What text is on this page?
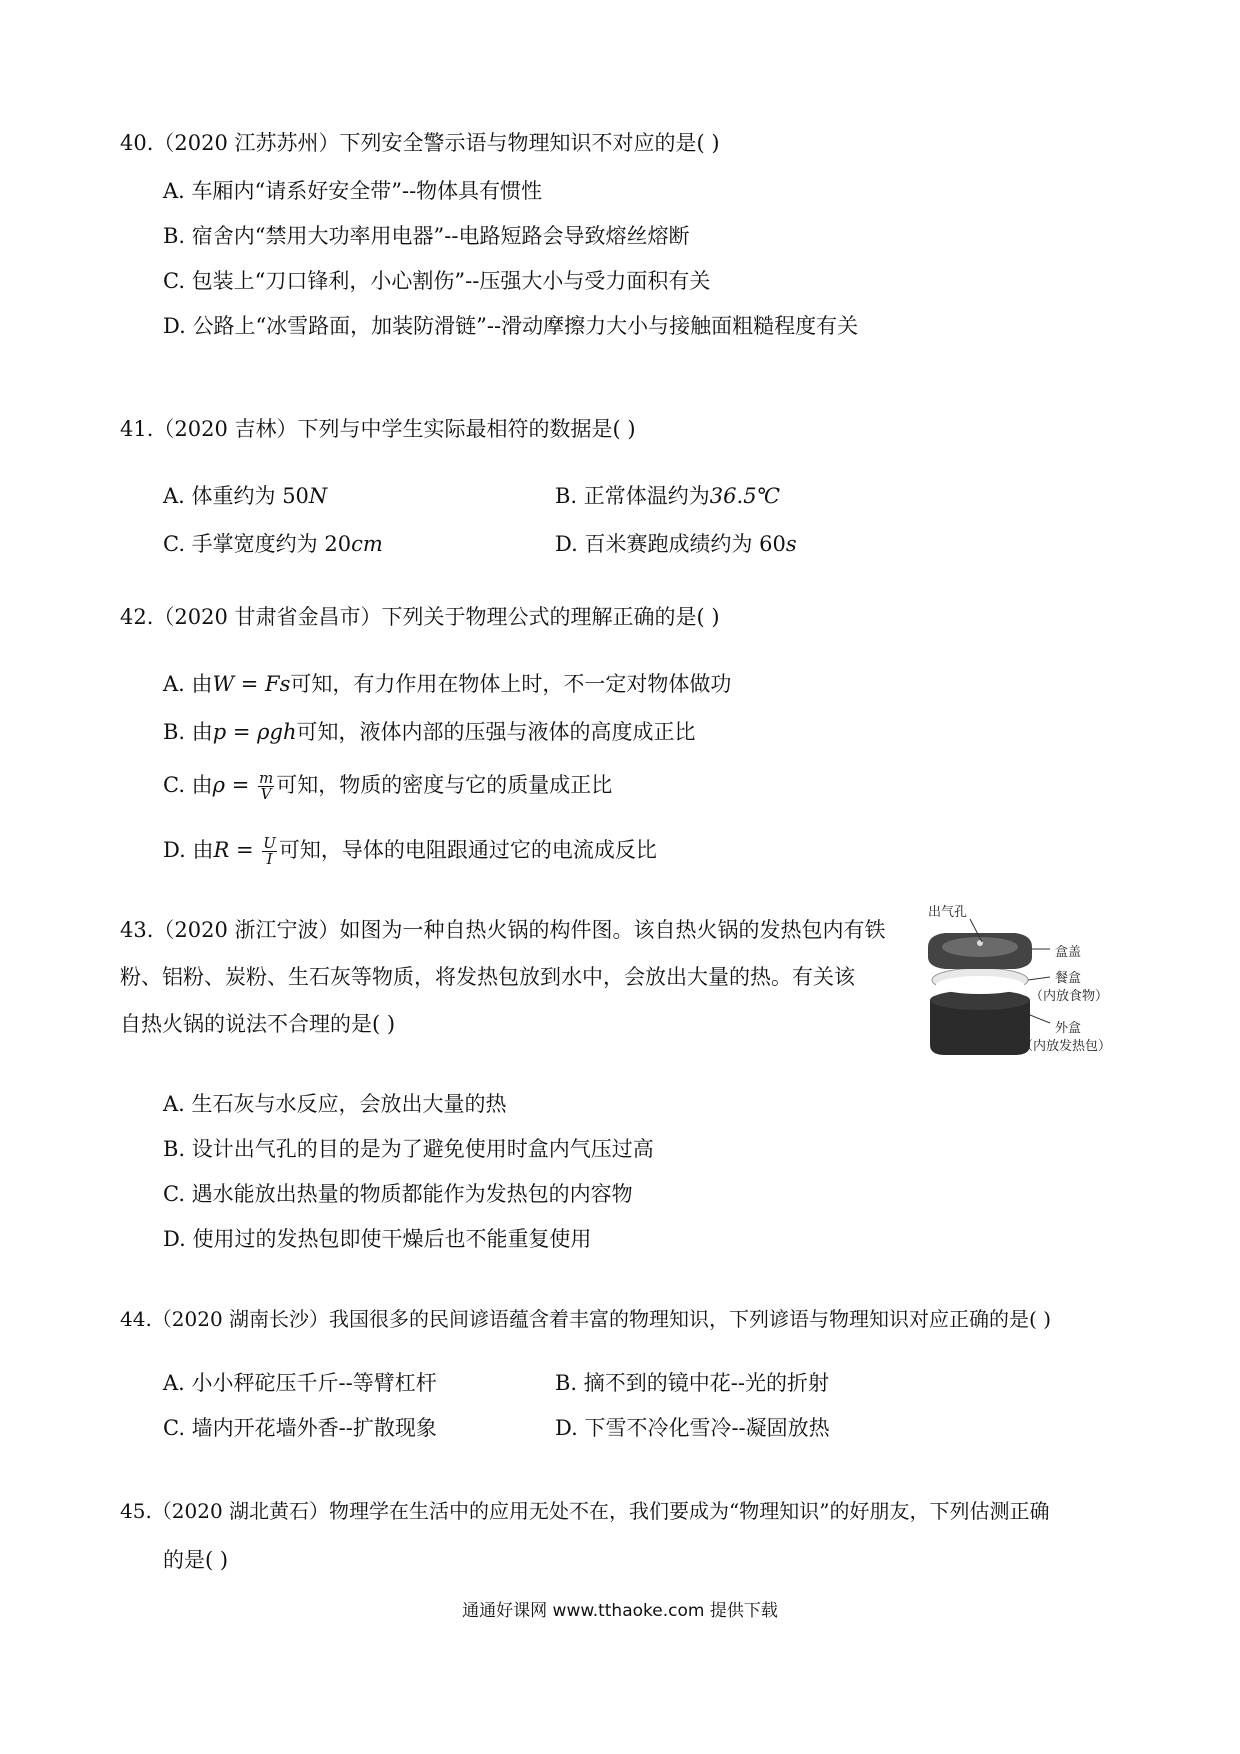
40.（2020 江苏苏州）下列安全警示语与物理知识不对应的是( )
A. 车厢内“请系好安全带”--物体具有惯性
B. 宿舍内“禁用大功率用电器”--电路短路会导致熔丝熔断
C. 包装上“刀口锋利，小心割伤”--压强大小与受力面积有关
D. 公路上“冰雪路面，加装防滑链”--滑动摩擦力大小与接触面粗糙程度有关
41.（2020 吉林）下列与中学生实际最相符的数据是( )
A. 体重约为 50N	B. 正常体温约为36.5℃
C. 手掌宽度约为 20cm	D. 百米赛跑成绩约为 60s
42.（2020 甘肃省金昌市）下列关于物理公式的理解正确的是( )
A. 由W = Fs可知，有力作用在物体上时，不一定对物体做功
B. 由p = ρgh可知，液体内部的压强与液体的高度成正比
C. 由$\rho = \frac{m}{V}$ 可知，物质的密度与它的质量成正比
D. 由$R = \frac{U}{I}$ 可知，导体的电阻跟通过它的电流成反比
43.（2020 浙江宁波）如图为一种自热火锅的构件图。该自热火锅的发热包内有铁
粉、铝粉、炭粉、生石灰等物质，将发热包放到水中，会放出大量的热。有关该
自热火锅的说法不合理的是( )
出气孔
盒盖
餐盒
（内放食物）
外盒
（内放发热包）
A. 生石灰与水反应，会放出大量的热
B. 设计出气孔的目的是为了避免使用时盒内气压过高
C. 遇水能放出热量的物质都能作为发热包的内容物
D. 使用过的发热包即使干燥后也不能重复使用
44.（2020 湖南长沙）我国很多的民间谚语蕴含着丰富的物理知识，下列谚语与物理知识对应正确的是( )
A. 小小秤砣压千斤--等臂杠杆	B. 摘不到的镜中花--光的折射
C. 墙内开花墙外香--扩散现象	D. 下雪不冷化雪冷--凝固放热
45.（2020 湖北黄石）物理学在生活中的应用无处不在，我们要成为“物理知识”的好朋友，下列估测正确
的是( )
通通好课网 www.tthaoke.com 提供下载
